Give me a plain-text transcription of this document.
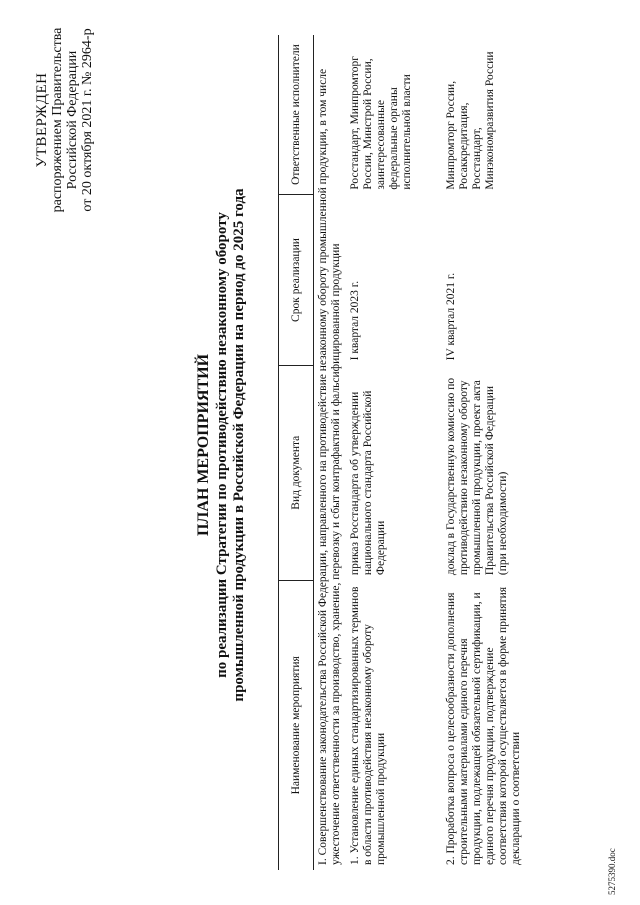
УТВЕРЖДЕН распоряжением Правительства Российской Федерации от 20 октября 2021 г. № 2964-р
ПЛАН МЕРОПРИЯТИЙ по реализации Стратегии по противодействию незаконному обороту промышленной продукции в Российской Федерации на период до 2025 года
Наименование мероприятия	Вид документа	Срок реализации	Ответственные исполнители
I. Совершенствование законодательства Российской Федерации, направленного на противодействие незаконному обороту промышленной продукции, в том числе ужесточение ответственности за производство, хранение, перевозку и сбыт контрафактной и фальсифицированной продукции			
1. Установление единых стандартизированных терминов в области противодействия незаконному обороту промышленной продукции	приказ Росстандарта об утверждении национального стандарта Российской Федерации	I квартал 2023 г.	Росстандарт, Минпромторг России, Минстрой России, заинтересованные федеральные органы исполнительной власти
2. Проработка вопроса о целесообразности дополнения строительными материалами единого перечня продукции, подлежащей обязательной сертификации, и единого перечня продукции, подтверждение соответствия которой осуществляется в форме принятия декларации о соответствии	доклад в Государственную комиссию по противодействию незаконному обороту промышленной продукции, проект акта Правительства Российской Федерации (при необходимости)	IV квартал 2021 г.	Минпромторг России, Росаккредитация, Росстандарт, Минэкономразвития России
5275390.doc
